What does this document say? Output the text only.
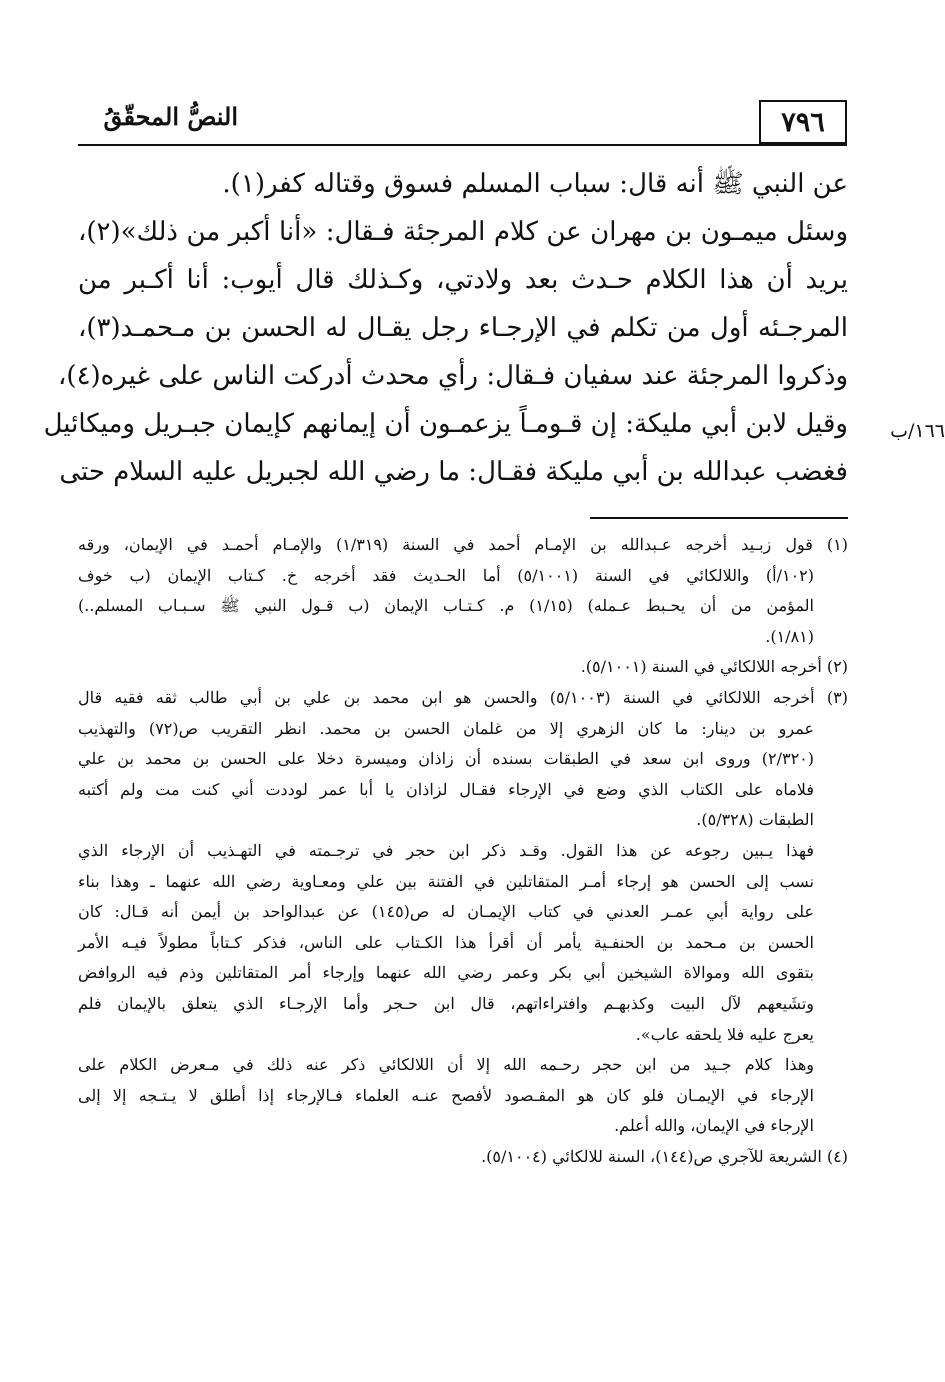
٧٩٦
النصُّ المحقّقُ
عن النبي ﷺ أنه قال: سباب المسلم فسوق وقتاله كفر(١).
وسئل ميمـون بن مهران عن كلام المرجئة فـقال: «أنا أكبر من ذلك»(٢)،
يريد أن هذا الكلام حـدث بعد ولادتي، وكـذلك قال أيوب: أنا أكـبر من
المرجـئه أول من تكلم في الإرجـاء رجل يقـال له الحسن بن مـحمـد(٣)،
وذكروا المرجئة عند سفيان فـقال: رأي محدث أدركت الناس على غيره(٤)،
وقيل لابن أبي مليكة: إن قـومـاً يزعمـون أن إيمانهم كإيمان جبـريل وميكائيل
فغضب عبدالله بن أبي مليكة فقـال: ما رضي الله لجبريل عليه السلام حتى
١٦٦/ب
(١) قول زبـيد أخرجه عـبدالله بن الإمـام أحمد في السنة (١/٣١٩) والإمـام أحمـد في الإيمان، ورقه
(١٠٢/أ) واللالكائي في السنة (٥/١٠٠١) أما الحـديث فقد أخرجه خ. كـتاب الإيمان (ب خوف
المؤمن من أن يحـبط عـمله) (١/١٥) م. كـتـاب الإيمان (ب قـول النبي ﷺ سـبـاب المسلم..)
(١/٨١).
(٢) أخرجه اللالكائي في السنة (٥/١٠٠١).
(٣) أخرجه اللالكائي في السنة (٥/١٠٠٣) والحسن هو ابن محمد بن علي بن أبي طالب ثقه فقيه قال
عمرو بن دينار: ما كان الزهري إلا من غلمان الحسن بن محمد. انظر التقريب ص(٧٢) والتهذيب
(٢/٣٢٠) وروى ابن سعد في الطبقات بسنده أن زاذان وميسرة دخلا على الحسن بن محمد بن علي
فلاماه على الكتاب الذي وضع في الإرجاء فقـال لزاذان يا أبا عمر لوددت أني كنت مت ولم أكتبه
الطبقات (٥/٣٢٨).
فهذا يـبين رجوعه عن هذا القول. وقـد ذكر ابن حجر في ترجـمته في التهـذيب أن الإرجاء الذي
نسب إلى الحسن هو إرجاء أمـر المتقاتلين في الفتنة بين علي ومعـاوية رضي الله عنهما ـ وهذا بناء
على رواية أبي عمـر العدني في كتاب الإيمـان له ص(١٤٥) عن عبدالواحد بن أيمن أنه قـال: كان
الحسن بن مـحمد بن الحنفـية يأمر أن أقرأ هذا الكـتاب على الناس، فذكر كـتاباً مطولاً فيـه الأمر
بتقوى الله وموالاة الشيخين أبي بكر وعمر رضي الله عنهما وإرجاء أمر المتقاتلين وذم فيه الروافض
وتشَيعهم لآل البيت وكذبهـم وافتراءاتهم، قال ابن حـجر وأما الإرجـاء الذي يتعلق بالإيمان فلم
يعرج عليه فلا يلحقه عاب».
وهذا كلام جـيد من ابن حجر رحـمه الله إلا أن اللالكائي ذكر عنه ذلك في مـعرض الكلام على
الإرجاء في الإيمـان فلو كان هو المقـصود لأفصح عنـه العلماء فـالإرجاء إذا أطلق لا يـتـجه إلا إلى
الإرجاء في الإيمان، والله أعلم.
(٤) الشريعة للآجري ص(١٤٤)، السنة للالكائي (٥/١٠٠٤).
